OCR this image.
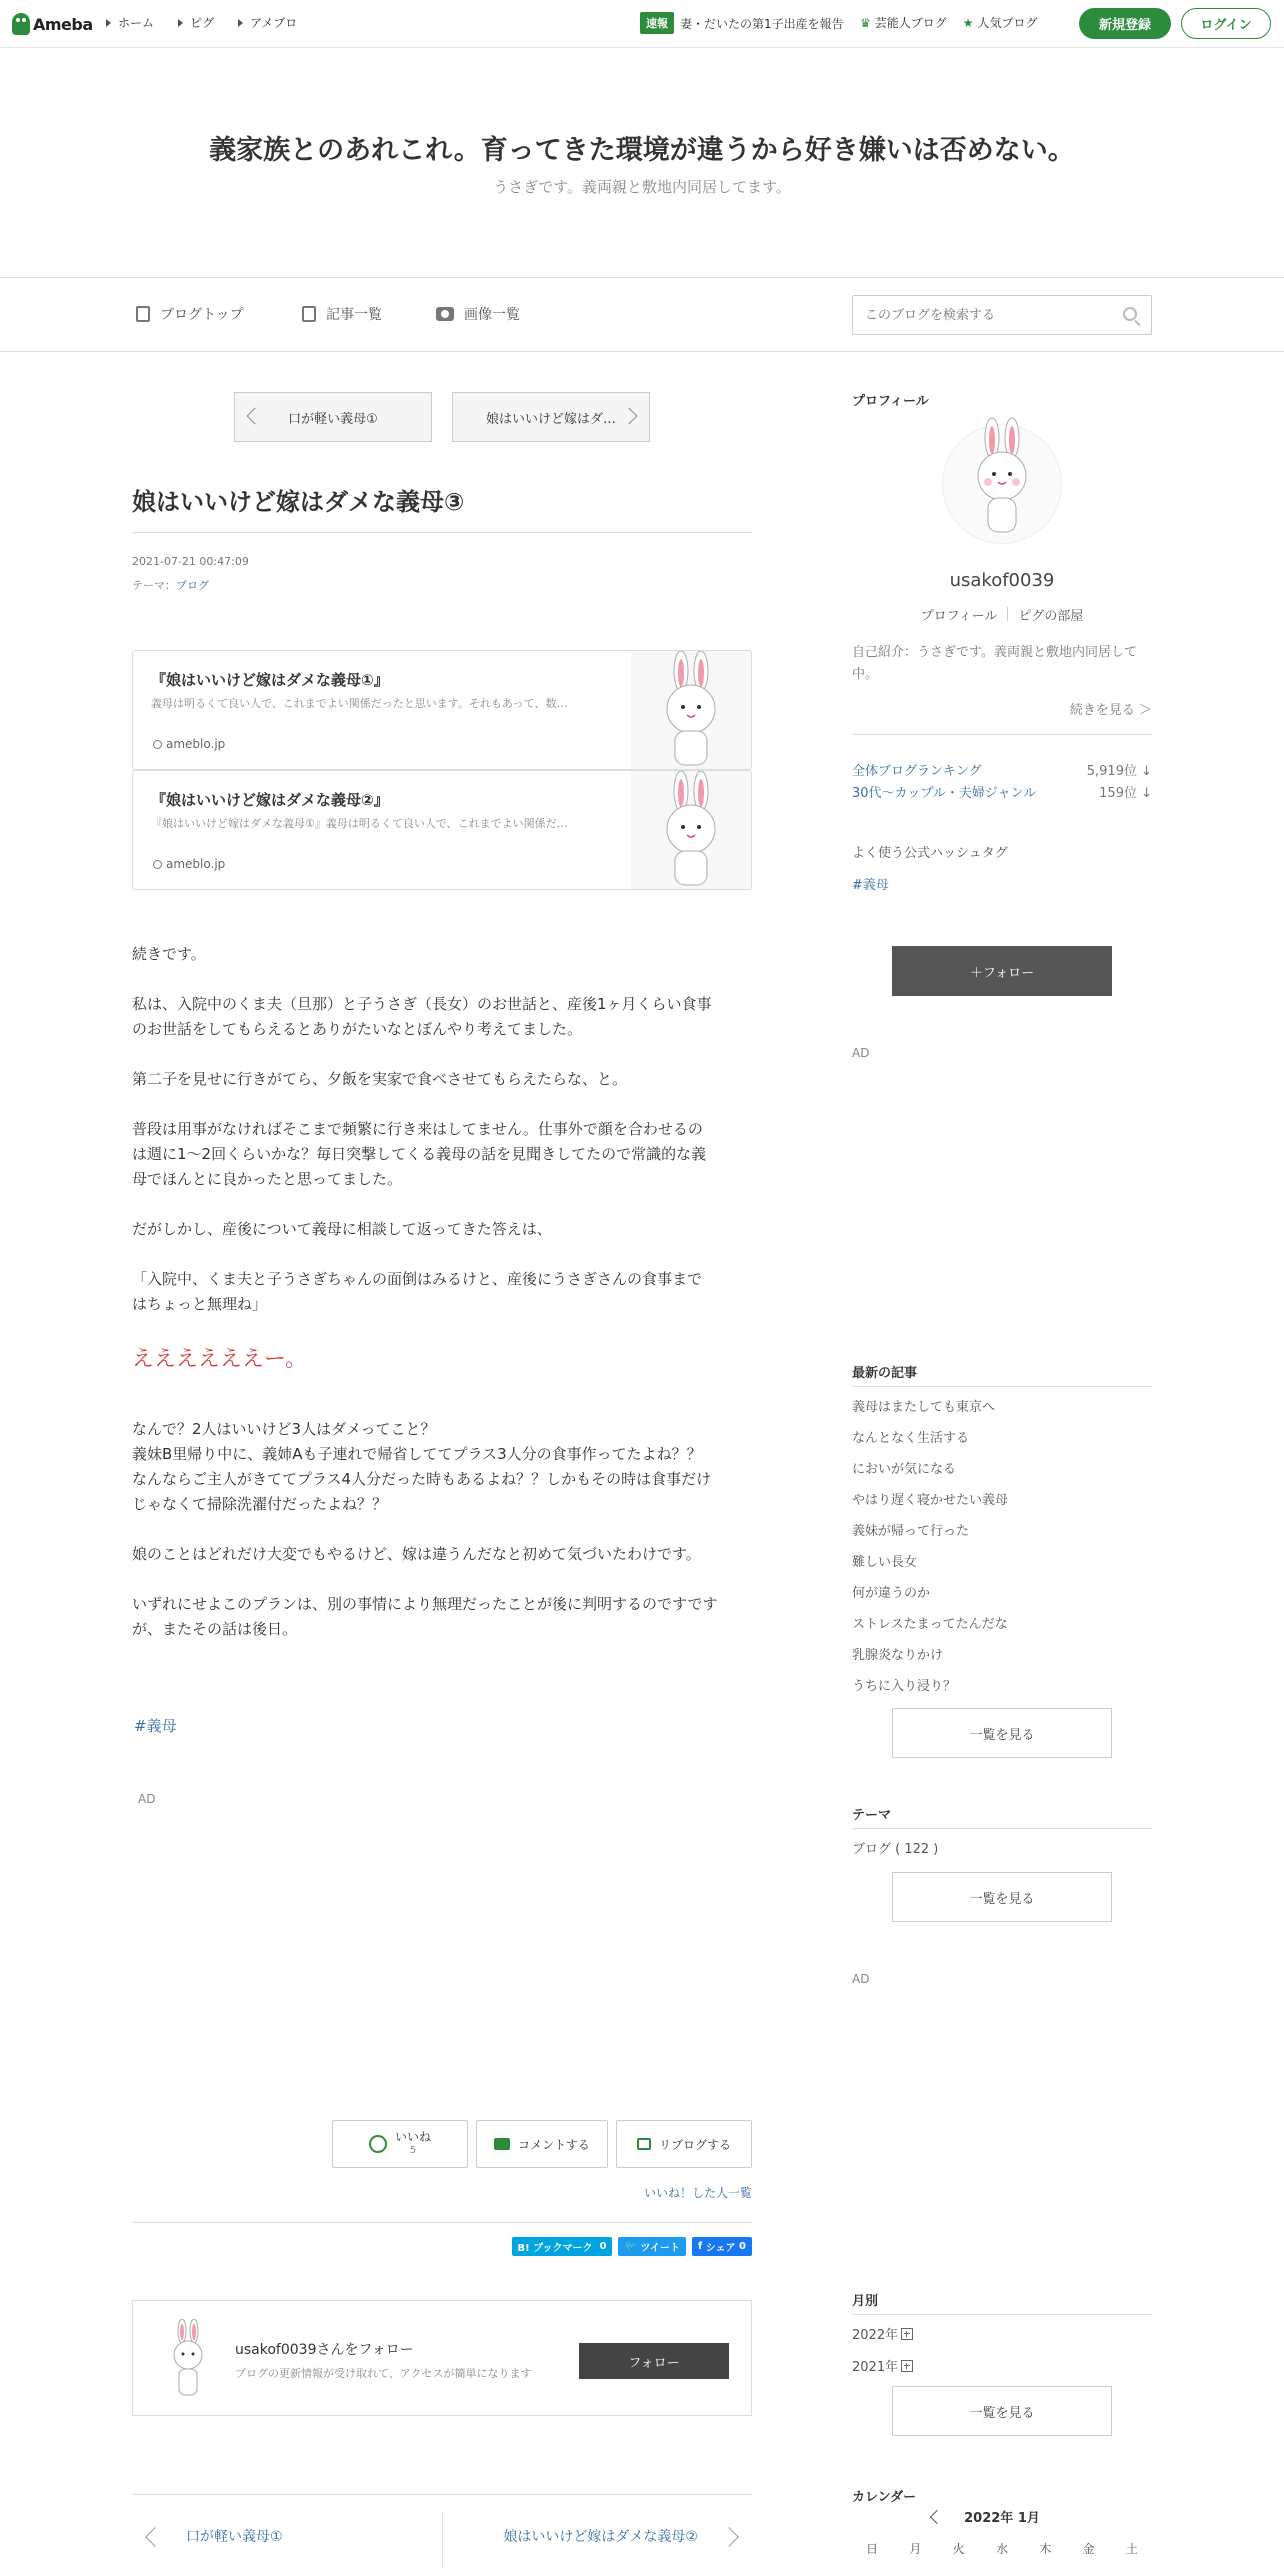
Ameba ホーム	ピグ	アメブロ	速報	妻・だいたの第1子出産を報告 ♛ 芸能人ブログ ★ 人気ブログ	新規登録	ログイン
義家族とのあれこれ。育ってきた環境が違うから好き嫌いは否めない。
うさぎです。義両親と敷地内同居してます。
ブログトップ	記事一覧	画像一覧
このブログを検索する
口が軽い義母①	娘はいいけど嫁はダ…
娘はいいけど嫁はダメな義母③
2021-07-21 00:47:09
テーマ：ブログ
『娘はいいけど嫁はダメな義母①』
義母は明るくて良い人で、これまでよい関係だったと思います。それもあって、数…
ameblo.jp
『娘はいいけど嫁はダメな義母②』
『娘はいいけど嫁はダメな義母①』義母は明るくて良い人で、これまでよい関係だ…
ameblo.jp
続きです。
私は、入院中のくま夫（旦那）と子うさぎ（長女）のお世話と、産後1ヶ月くらい食事
のお世話をしてもらえるとありがたいなとぼんやり考えてました。
第二子を見せに行きがてら、夕飯を実家で食べさせてもらえたらな、と。
普段は用事がなければそこまで頻繁に行き来はしてません。仕事外で顔を合わせるの
は週に1〜2回くらいかな？毎日突撃してくる義母の話を見聞きしてたので常識的な義
母でほんとに良かったと思ってました。
だがしかし、産後について義母に相談して返ってきた答えは、
「入院中、くま夫と子うさぎちゃんの面倒はみるけと、産後にうさぎさんの食事まで
はちょっと無理ね」
ええええええー。
なんで？2人はいいけど3人はダメってこと？
義妹B里帰り中に、義姉Aも子連れで帰省しててプラス3人分の食事作ってたよね？？
なんならご主人がきててプラス4人分だった時もあるよね？？しかもその時は食事だけ
じゃなくて掃除洗濯付だったよね？？
娘のことはどれだけ大変でもやるけど、嫁は違うんだなと初めて気づいたわけです。
いずれにせよこのプランは、別の事情により無理だったことが後に判明するのですです
が、またその話は後日。
#義母
AD
いいね
5	コメントする	リブログする
いいね！した人一覧
B! ブックマーク
0 🐦
ツイート f
シェア
0
usakof0039さんをフォロー
ブログの更新情報が受け取れて、アクセスが簡単になります
フォロー
口が軽い義母①	娘はいいけど嫁はダメな義母②
プロフィール
usakof0039
プロフィール ピグの部屋
自己紹介：うさぎです。義両親と敷地内同居して
中。
続きを見る ＞
全体ブログランキング	5,919位 ↓
30代〜カップル・夫婦ジャンル	159位 ↓
よく使う公式ハッシュタグ
#義母
＋フォロー
AD
最新の記事
義母はまたしても東京へ
なんとなく生活する
においが気になる
やはり遅く寝かせたい義母
義妹が帰って行った
難しい長女
何が違うのか
ストレスたまってたんだな
乳腺炎なりかけ
うちに入り浸り？
一覧を見る
テーマ
ブログ ( 122 )
一覧を見る
AD
月別
2022年
2021年
一覧を見る
カレンダー
2022年 1月
日	月	火	水	木	金	土
